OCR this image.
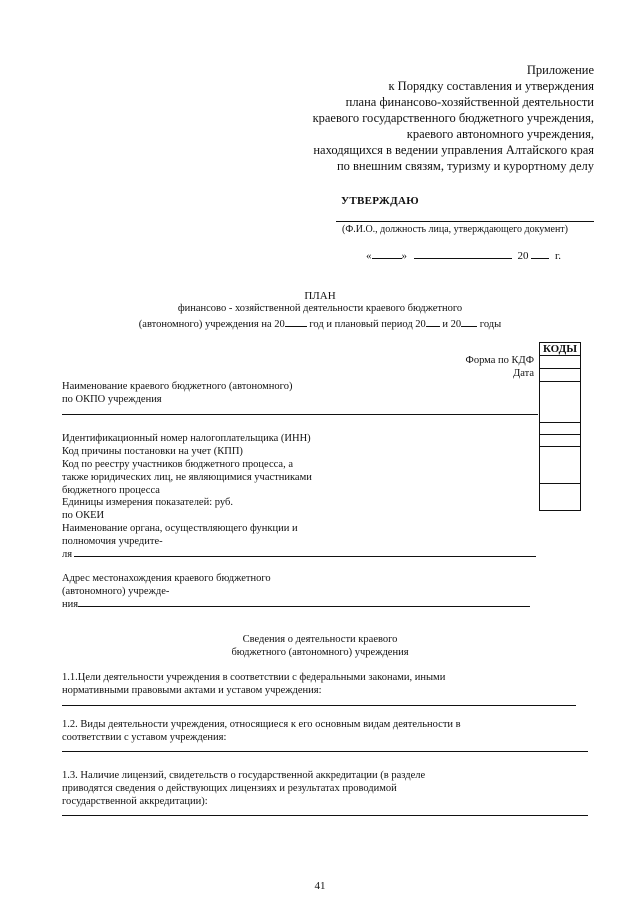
Приложение
к Порядку составления и утверждения
плана финансово-хозяйственной деятельности
краевого государственного бюджетного учреждения,
краевого автономного учреждения,
находящихся в ведении управления Алтайского края
по внешним связям, туризму и курортному делу
УТВЕРЖДАЮ
(Ф.И.О., должность лица, утверждающего документ)
«	»	20 г.
ПЛАН
финансово - хозяйственной деятельности краевого бюджетного
(автономного) учреждения на 20 год и плановый период 20 и 20 годы
КОДЫ

Форма по КДФ
Дата
Наименование краевого бюджетного (автономного)
по ОКПО учреждения
Идентификационный номер налогоплательщика (ИНН)
Код причины постановки на учет (КПП)
Код по реестру участников бюджетного процесса, а
также юридических лиц, не являющимися участниками
бюджетного процесса
Единицы измерения показателей: руб.
по ОКЕИ
Наименование органа, осуществляющего функции и
полномочия учредите-
ля
Адрес местонахождения краевого бюджетного
(автономного) учрежде-
ния
Сведения о деятельности краевого
бюджетного (автономного) учреждения
1.1.Цели деятельности учреждения в соответствии с федеральными законами, иными
нормативными правовыми актами и уставом учреждения:
1.2. Виды деятельности учреждения, относящиеся к его основным видам деятельности в
соответствии с уставом учреждения:
1.3. Наличие лицензий, свидетельств о государственной аккредитации (в разделе
приводятся сведения о действующих лицензиях и результатах проводимой
государственной аккредитации):
41
